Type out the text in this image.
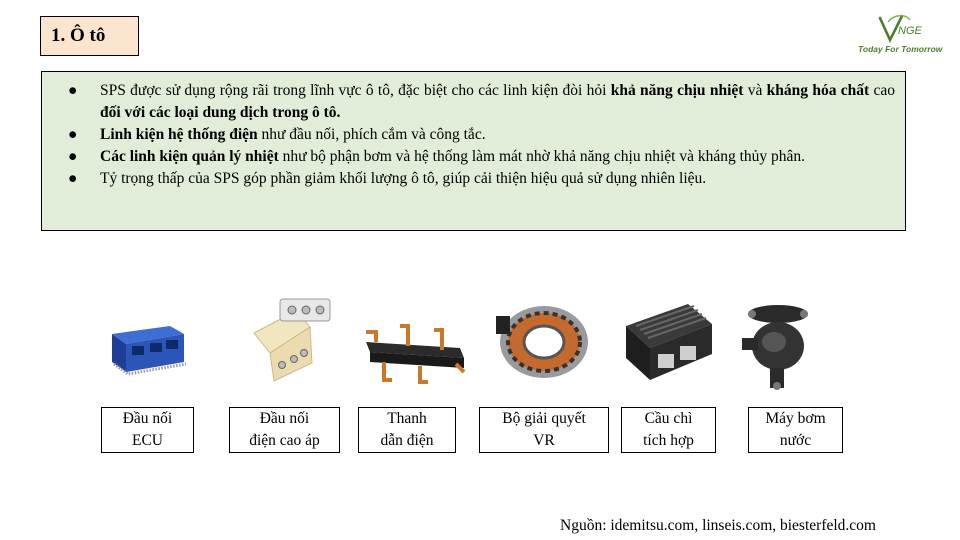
1. Ô tô	NGE
Today For Tomorrow
● SPS được sử dụng rộng rãi trong lĩnh vực ô tô, đặc biệt cho các linh kiện đòi hỏi khả năng chịu nhiệt và kháng hóa chất cao đối với các loại dung dịch trong ô tô.
● Linh kiện hệ thống điện như đầu nối, phích cắm và công tắc.
● Các linh kiện quản lý nhiệt như bộ phận bơm và hệ thống làm mát nhờ khả năng chịu nhiệt và kháng thủy phân.
● Tỷ trọng thấp của SPS góp phần giảm khối lượng ô tô, giúp cải thiện hiệu quả sử dụng nhiên liệu.
Đầu nối
ECU
Đầu nối
điện cao áp
Thanh
dẫn điện
Bộ giải quyết
VR
Cầu chì
tích hợp
Máy bơm
nước
Nguồn: idemitsu.com, linseis.com, biesterfeld.com
